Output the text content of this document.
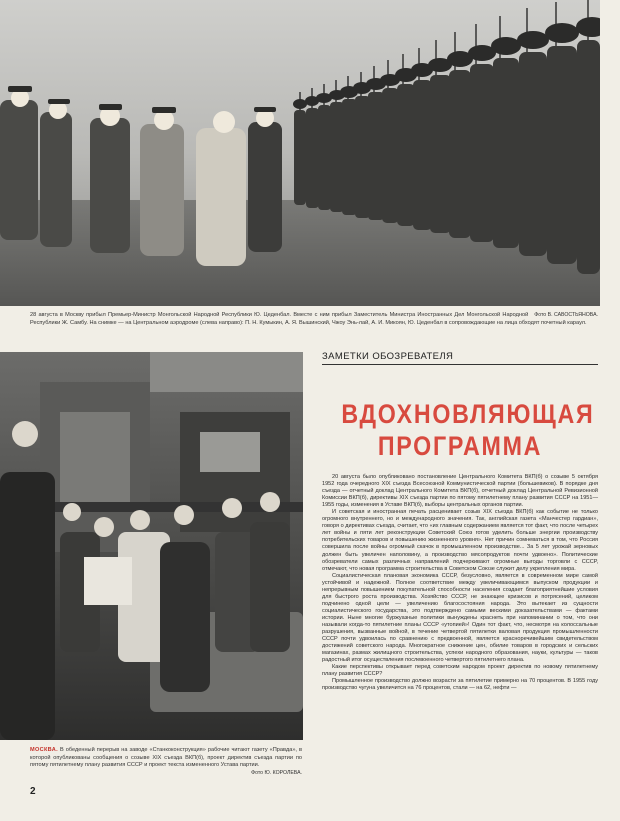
Фото В. САВОСТЬЯНОВА.
28 августа в Москву прибыл Премьер-Министр Монгольской Народной Республики Ю. Цеденбал. Вместе с ним прибыл Заместитель Министра Иностранных Дел Монгольской Народной Республики Ж. Самбу. На снимке — на Центральном аэродроме (слева направо): П. Н. Кумыкин, А. Я. Вышинский, Чжоу Энь-лай, А. И. Микоян, Ю. Цеденбал в сопровождающие на лица обходят почетный караул.
МОСКВА. В обеденный перерыв на заводе «Станкоконструкция» рабочие читают газету «Правда», в которой опубликованы сообщения о созыве XIX съезда ВКП(б), проект директив съезда партии по пятому пятилетнему плану развития СССР и проект текста измененного Устава партии.
Фото Ю. КОРОЛЕВА.
ЗАМЕТКИ ОБОЗРЕВАТЕЛЯ
ВДОХНОВЛЯЮЩАЯ
ПРОГРАММА

20 августа было опубликовано постановление Центрального Комитета ВКП(б) о созыве 5 октября 1952 года очередного XIX съезда Всесоюзной Коммунистической партии (большевиков). В порядке дня съезда — отчетный доклад Центрального Комитета ВКП(б), отчетный доклад Центральной Ревизионной Комиссии ВКП(б), директивы XIX съезда партии по пятому пятилетнему плану развития СССР на 1951—1955 годы, изменения в Уставе ВКП(б), выборы центральных органов партии.

И советская и иностранная печать расценивает созыв XIX съезда ВКП(б) как событие не только огромного внутреннего, но и международного значения. Так, английская газета «Манчестер гардиан», говоря о директивах съезда, считает, что «их главным содержанием является тот факт, что после четырех лет войны и пяти лет реконструкции Советский Союз готов уделить больше энергии производству потребительских товаров и повышению жизненного уровня». Нет причин сомневаться в том, что Россия совершила после войны огромный скачок в промышленном производстве... За 5 лет урожай зерновых должен быть увеличен наполовину, а производство мясопродуктов почти удвоено». Политические обозреватели самых различных направлений подчеркивают огромные выгоды торговли с СССР, отмечают, что новая программа строительства в Советском Союзе служит делу укрепления мира.

Социалистическая плановая экономика СССР, безусловно, является в современном мире самой устойчивой и надежной. Полное соответствие между увеличивающимся выпуском продукции и непрерывным повышением покупательной способности населения создает благоприятнейшие условия для быстрого роста производства. Хозяйство СССР, не знающее кризисов и потрясений, целиком подчинено одной цели — увеличению благосостояния народа. Это вытекает из сущности социалистического государства, это подтверждено самыми вескими доказательствами — фактами истории. Ныне многие буржуазные политики вынуждены краснеть при напоминании о том, что они называли когда-то пятилетние планы СССР «утопией»! Один тот факт, что, несмотря на колоссальные разрушения, вызванные войной, в течение четвертой пятилетки валовая продукция промышленности СССР почти удвоилась по сравнению с предвоенной, является красноречивейшим свидетельством достижений советского народа. Многократное снижение цен, обилие товаров в городских и сельских магазинах, размах жилищного строительства, успехи народного образования, науки, культуры — таков радостный итог осуществления послевоенного четвертого пятилетнего плана.

Какие перспективы открывает перед советским народом проект директив по новому пятилетнему плану развития СССР?

Промышленное производство должно возрасти за пятилетие примерно на 70 процентов. В 1955 году производство чугуна увеличится на 76 процентов, стали — на 62, нефти —

2
